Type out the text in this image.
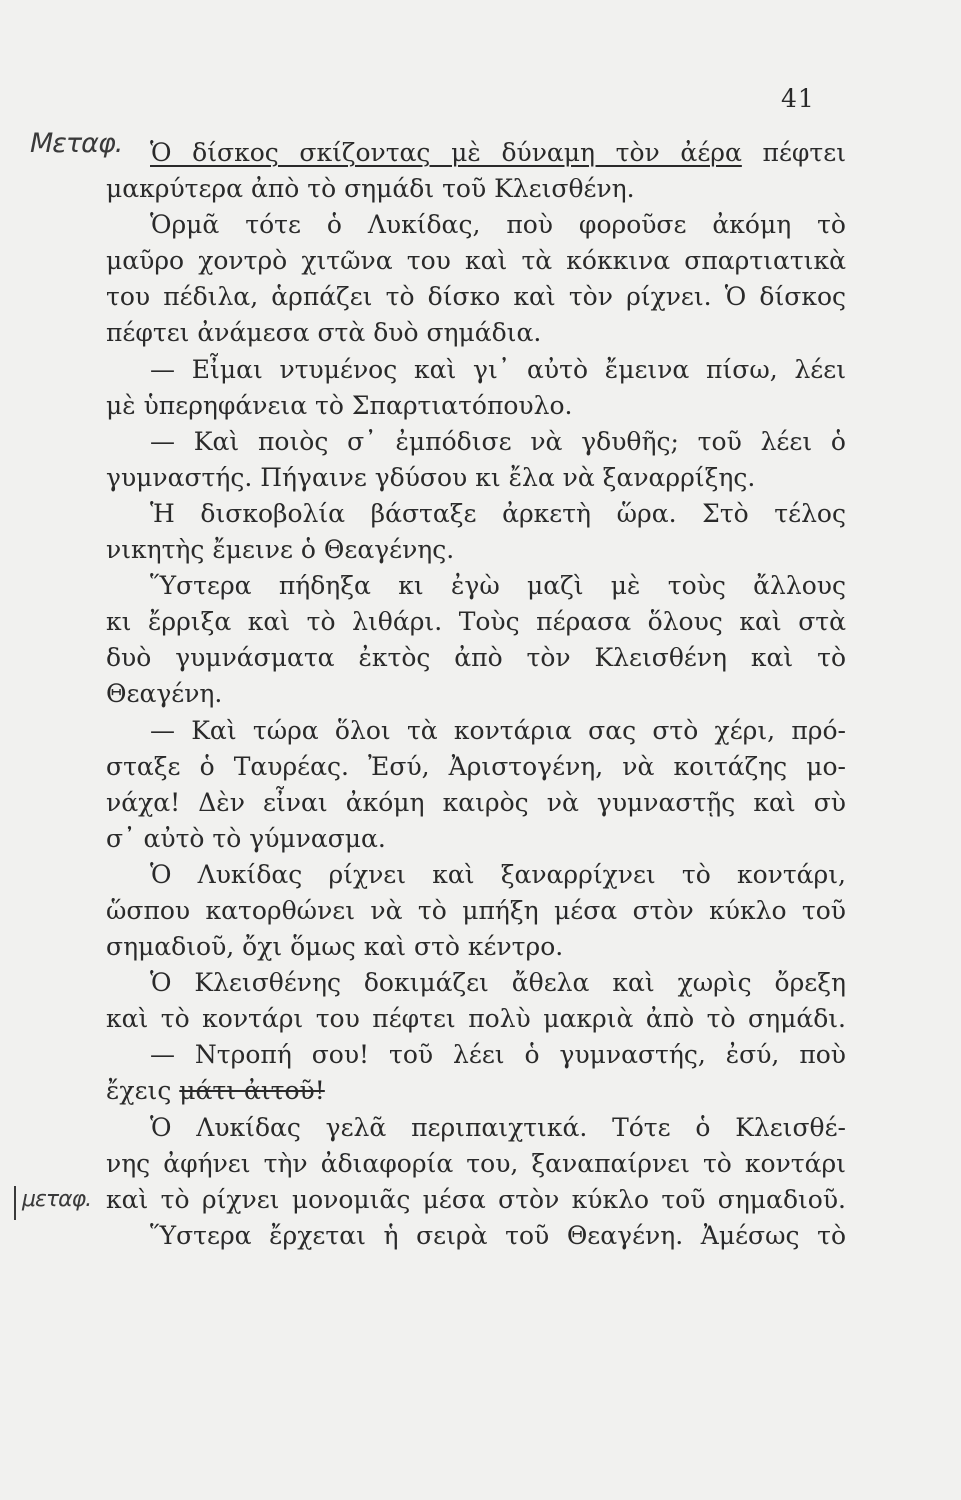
41
Μεταφ.
μεταφ.
Ὁ δίσκος σκίζοντας μὲ δύναμη τὸν ἀέρα πέφτει
μακρύτερα ἀπὸ τὸ σημάδι τοῦ Κλεισθένη.
Ὁρμᾶ τότε ὁ Λυκίδας, ποὺ φοροῦσε ἀκόμη τὸ
μαῦρο χοντρὸ χιτῶνα του καὶ τὰ κόκκινα σπαρτιατικὰ
του πέδιλα, ἁρπάζει τὸ δίσκο καὶ τὸν ρίχνει. Ὁ δίσκος
πέφτει ἀνάμεσα στὰ δυὸ σημάδια.
— Εἶμαι ντυμένος καὶ γι᾿ αὐτὸ ἔμεινα πίσω, λέει
μὲ ὑπερηφάνεια τὸ Σπαρτιατόπουλο.
— Καὶ ποιὸς σ᾿ ἐμπόδισε νὰ γδυθῆς; τοῦ λέει ὁ
γυμναστής. Πήγαινε γδύσου κι ἔλα νὰ ξαναρρίξης.
Ἡ δισκοβολία βάσταξε ἀρκετὴ ὥρα. Στὸ τέλος
νικητὴς ἔμεινε ὁ Θεαγένης.
Ὕστερα πήδηξα κι ἐγὼ μαζὶ μὲ τοὺς ἄλλους
κι ἔρριξα καὶ τὸ λιθάρι. Τοὺς πέρασα ὅλους καὶ στὰ
δυὸ γυμνάσματα ἐκτὸς ἀπὸ τὸν Κλεισθένη καὶ τὸ
Θεαγένη.
— Καὶ τώρα ὅλοι τὰ κοντάρια σας στὸ χέρι, πρό-
σταξε ὁ Ταυρέας. Ἐσύ, Ἀριστογένη, νὰ κοιτάζης μο-
νάχα! Δὲν εἶναι ἀκόμη καιρὸς νὰ γυμναστῇς καὶ σὺ
σ᾿ αὐτὸ τὸ γύμνασμα.
Ὁ Λυκίδας ρίχνει καὶ ξαναρρίχνει τὸ κοντάρι,
ὥσπου κατορθώνει νὰ τὸ μπήξη μέσα στὸν κύκλο τοῦ
σημαδιοῦ, ὄχι ὅμως καὶ στὸ κέντρο.
Ὁ Κλεισθένης δοκιμάζει ἄθελα καὶ χωρὶς ὄρεξη
καὶ τὸ κοντάρι του πέφτει πολὺ μακριὰ ἀπὸ τὸ σημάδι.
— Ντροπή σου! τοῦ λέει ὁ γυμναστής, ἐσύ, ποὺ
ἔχεις μάτι ἀιτοῦ!
Ὁ Λυκίδας γελᾶ περιπαιχτικά. Τότε ὁ Κλεισθέ-
νης ἀφήνει τὴν ἀδιαφορία του, ξαναπαίρνει τὸ κοντάρι
καὶ τὸ ρίχνει μονομιᾶς μέσα στὸν κύκλο τοῦ σημαδιοῦ.
Ὕστερα ἔρχεται ἡ σειρὰ τοῦ Θεαγένη. Ἀμέσως τὸ
